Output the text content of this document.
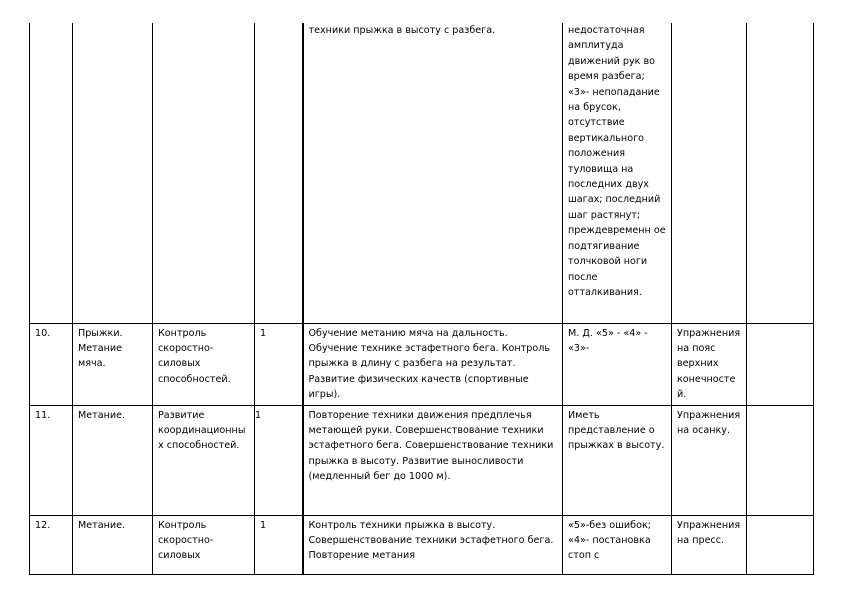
				техники прыжка в высоту с разбега.	недостаточная амплитуда движений рук во время разбега; «3»- непопадание на брусок, отсутствие вертикального положения туловища на последних двух шагах; последний шаг растянут; преждевременн ое подтягивание толчковой ноги после отталкивания.		
10.	Прыжки. Метание мяча.	Контроль скоростно-силовых способностей.	1	Обучение метанию мяча на дальность. Обучение технике эстафетного бега. Контроль прыжка в длину с разбега на результат. Развитие физических качеств (спортивные игры).	М. Д. «5» - «4» - «3»-	Упражнения на пояс верхних конечностей.	
11.	Метание.	Развитие координационных способностей.	1	Повторение техники движения предплечья метающей руки. Совершенствование техники эстафетного бега. Совершенствование техники прыжка в высоту. Развитие выносливости (медленный бег до 1000 м).	Иметь представление о прыжках в высоту.	Упражнения на осанку.	
12.	Метание.	Контроль скоростно-силовых	1	Контроль техники прыжка в высоту. Совершенствование техники эстафетного бега. Повторение метания	«5»-без ошибок; «4»- постановка стоп с	Упражнения на пресс.	
